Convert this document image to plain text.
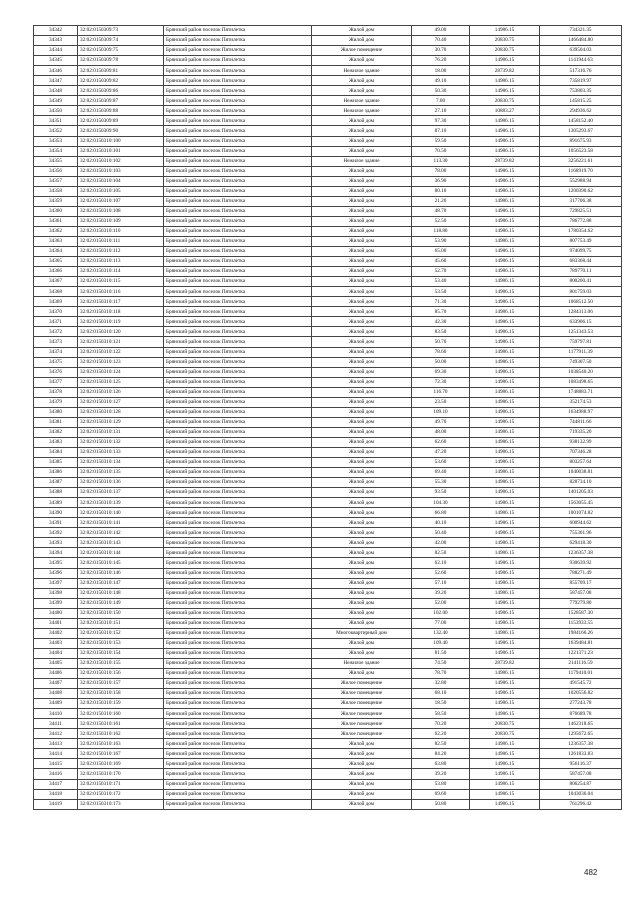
34342	32:02:0150309:73	Брянский район поселок Пятилетка	Жилой дом	49.00	14986.15	734321.35
34343	32:02:0150309:74	Брянский район поселок Пятилетка	Жилой дом	70.40	20830.75	1466484.80
34344	32:02:0150309:75	Брянский район поселок Пятилетка	Жилое помещение	30.70	20830.75	639504.03
34345	32:02:0150309:78	Брянский район поселок Пятилетка	Жилой дом	76.20	14986.15	1141944.63
34346	32:02:0150309:81	Брянский район поселок Пятилетка	Нежилое здание	18.00	28739.82	517316.76
34347	32:02:0150309:82	Брянский район поселок Пятилетка	Жилой дом	49.10	14986.15	735819.97
34348	32:02:0150309:86	Брянский район поселок Пятилетка	Жилой дом	50.30	14986.15	753803.35
34349	32:02:0150309:87	Брянский район поселок Пятилетка	Нежилое здание	7.00	20830.75	145815.25
34350	32:02:0150309:88	Брянский район поселок Пятилетка	Нежилое здание	27.10	10883.27	294936.62
34351	32:02:0150309:89	Брянский район поселок Пятилетка	Жилой дом	97.30	14986.15	1458152.40
34352	32:02:0150309:90	Брянский район поселок Пятилетка	Жилой дом	87.10	14986.15	1305293.67
34353	32:02:0150310:100	Брянский район поселок Пятилетка	Жилой дом	59.50	14986.15	891675.93
34354	32:02:0150310:101	Брянский район поселок Пятилетка	Жилой дом	70.50	14986.15	1056523.58
34355	32:02:0150310:102	Брянский район поселок Пятилетка	Нежилое здание	113.30	28739.82	3256221.61
34356	32:02:0150310:103	Брянский район поселок Пятилетка	Жилой дом	78.00	14986.15	1168919.70
34357	32:02:0150310:104	Брянский район поселок Пятилетка	Жилой дом	36.90	14986.15	552988.94
34358	32:02:0150310:105	Брянский район поселок Пятилетка	Жилой дом	80.10	14986.15	1200390.62
34359	32:02:0150310:107	Брянский район поселок Пятилетка	Жилой дом	21.20	14986.15	317706.38
34360	32:02:0150310:108	Брянский район поселок Пятилетка	Жилой дом	48.70	14986.15	729825.51
34361	32:02:0150310:109	Брянский район поселок Пятилетка	Жилой дом	52.50	14986.15	786772.88
34362	32:02:0150310:110	Брянский район поселок Пятилетка	Жилой дом	118.80	14986.15	1780354.62
34363	32:02:0150310:111	Брянский район поселок Пятилетка	Жилой дом	53.90	14986.15	807753.49
34364	32:02:0150310:112	Брянский район поселок Пятилетка	Жилой дом	65.00	14986.15	974099.75
34365	32:02:0150310:113	Брянский район поселок Пятилетка	Жилой дом	45.60	14986.15	683368.44
34366	32:02:0150310:114	Брянский район поселок Пятилетка	Жилой дом	52.70	14986.15	789770.11
34367	32:02:0150310:115	Брянский район поселок Пятилетка	Жилой дом	53.40	14986.15	800260.41
34368	32:02:0150310:116	Брянский район поселок Пятилетка	Жилой дом	53.50	14986.15	801759.03
34369	32:02:0150310:117	Брянский район поселок Пятилетка	Жилой дом	71.30	14986.15	1068512.50
34370	32:02:0150310:118	Брянский район поселок Пятилетка	Жилой дом	85.70	14986.15	1284313.06
34371	32:02:0150310:119	Брянский район поселок Пятилетка	Жилой дом	42.30	14986.15	633906.15
34372	32:02:0150310:120	Брянский район поселок Пятилетка	Жилой дом	83.50	14986.15	1251343.53
34373	32:02:0150310:121	Брянский район поселок Пятилетка	Жилой дом	50.70	14986.15	759797.81
34374	32:02:0150310:122	Брянский район поселок Пятилетка	Жилой дом	78.60	14986.15	1177911.39
34375	32:02:0150310:123	Брянский район поселок Пятилетка	Жилой дом	50.00	14986.15	749307.50
34376	32:02:0150310:124	Брянский район поселок Пятилетка	Жилой дом	69.30	14986.15	1038540.20
34377	32:02:0150310:125	Брянский район поселок Пятилетка	Жилой дом	72.30	14986.15	1083498.65
34378	32:02:0150310:126	Брянский район поселок Пятилетка	Жилой дом	116.70	14986.15	1748883.71
34379	32:02:0150310:127	Брянский район поселок Пятилетка	Жилой дом	23.50	14986.15	352174.53
34380	32:02:0150310:128	Брянский район поселок Пятилетка	Жилой дом	109.10	14986.15	1634988.97
34381	32:02:0150310:129	Брянский район поселок Пятилетка	Жилой дом	49.70	14986.15	744811.66
34382	32:02:0150310:131	Брянский район поселок Пятилетка	Жилой дом	48.00	14986.15	719335.20
34383	32:02:0150310:132	Брянский район поселок Пятилетка	Жилой дом	62.60	14986.15	938132.99
34384	32:02:0150310:133	Брянский район поселок Пятилетка	Жилой дом	47.20	14986.15	707346.28
34385	32:02:0150310:134	Брянский район поселок Пятилетка	Жилой дом	53.60	14986.15	803257.64
34386	32:02:0150310:135	Брянский район поселок Пятилетка	Жилой дом	69.40	14986.15	1040038.81
34387	32:02:0150310:136	Брянский район поселок Пятилетка	Жилой дом	55.30	14986.15	828734.10
34388	32:02:0150310:137	Брянский район поселок Пятилетка	Жилой дом	93.50	14986.15	1401205.03
34389	32:02:0150310:139	Брянский район поселок Пятилетка	Жилой дом	104.30	14986.15	1563055.45
34390	32:02:0150310:140	Брянский район поселок Пятилетка	Жилой дом	66.80	14986.15	1001074.82
34391	32:02:0150310:141	Брянский район поселок Пятилетка	Жилой дом	40.10	14986.15	600944.62
34392	32:02:0150310:142	Брянский район поселок Пятилетка	Жилой дом	50.40	14986.15	755301.96
34393	32:02:0150310:143	Брянский район поселок Пятилетка	Жилой дом	42.00	14986.15	629418.30
34394	32:02:0150310:144	Брянский район поселок Пятилетка	Жилой дом	82.50	14986.15	1236357.38
34395	32:02:0150310:145	Брянский район поселок Пятилетка	Жилой дом	62.10	14986.15	930639.92
34396	32:02:0150310:146	Брянский район поселок Пятилетка	Жилой дом	52.60	14986.15	788271.49
34397	32:02:0150310:147	Брянский район поселок Пятилетка	Жилой дом	57.10	14986.15	855709.17
34398	32:02:0150310:148	Брянский район поселок Пятилетка	Жилой дом	39.20	14986.15	587457.08
34399	32:02:0150310:149	Брянский район поселок Пятилетка	Жилой дом	52.00	14986.15	779279.80
34400	32:02:0150310:150	Брянский район поселок Пятилетка	Жилой дом	102.00	14986.15	1528587.30
34401	32:02:0150310:151	Брянский район поселок Пятилетка	Жилой дом	77.00	14986.15	1153933.55
34402	32:02:0150310:152	Брянский район поселок Пятилетка	Многоквартирный дом	132.40	14986.15	1984166.26
34403	32:02:0150310:153	Брянский район поселок Пятилетка	Жилой дом	109.40	14986.15	1639484.81
34404	32:02:0150310:154	Брянский район поселок Пятилетка	Жилой дом	81.50	14986.15	1221371.23
34405	32:02:0150310:155	Брянский район поселок Пятилетка	Нежилое здание	74.50	28739.82	2141116.59
34406	32:02:0150310:156	Брянский район поселок Пятилетка	Жилой дом	78.70	14986.15	1179410.01
34407	32:02:0150310:157	Брянский район поселок Пятилетка	Жилое помещение	32.80	14986.15	491545.72
34408	32:02:0150310:158	Брянский район поселок Пятилетка	Жилое помещение	68.10	14986.15	1020556.82
34409	32:02:0150310:159	Брянский район поселок Пятилетка	Жилое помещение	18.50	14986.15	277243.78
34410	32:02:0150310:160	Брянский район поселок Пятилетка	Жилое помещение	58.50	14986.15	876689.78
34411	32:02:0150310:161	Брянский район поселок Пятилетка	Жилое помещение	70.20	20830.75	1462318.65
34412	32:02:0150310:162	Брянский район поселок Пятилетка	Жилое помещение	62.20	20830.75	1295672.65
34413	32:02:0150310:163	Брянский район поселок Пятилетка	Жилой дом	82.50	14986.15	1236357.38
34414	32:02:0150310:167	Брянский район поселок Пятилетка	Жилой дом	84.20	14986.15	1261833.83
34415	32:02:0150310:169	Брянский район поселок Пятилетка	Жилой дом	63.80	14986.15	956116.37
34416	32:02:0150310:170	Брянский район поселок Пятилетка	Жилой дом	39.20	14986.15	587457.08
34417	32:02:0150310:171	Брянский район поселок Пятилетка	Жилой дом	53.80	14986.15	806254.87
34418	32:02:0150310:172	Брянский район поселок Пятилетка	Жилой дом	69.60	14986.15	1043036.04
34419	32:02:0150310:173	Брянский район поселок Пятилетка	Жилой дом	50.80	14986.15	761296.42
482
